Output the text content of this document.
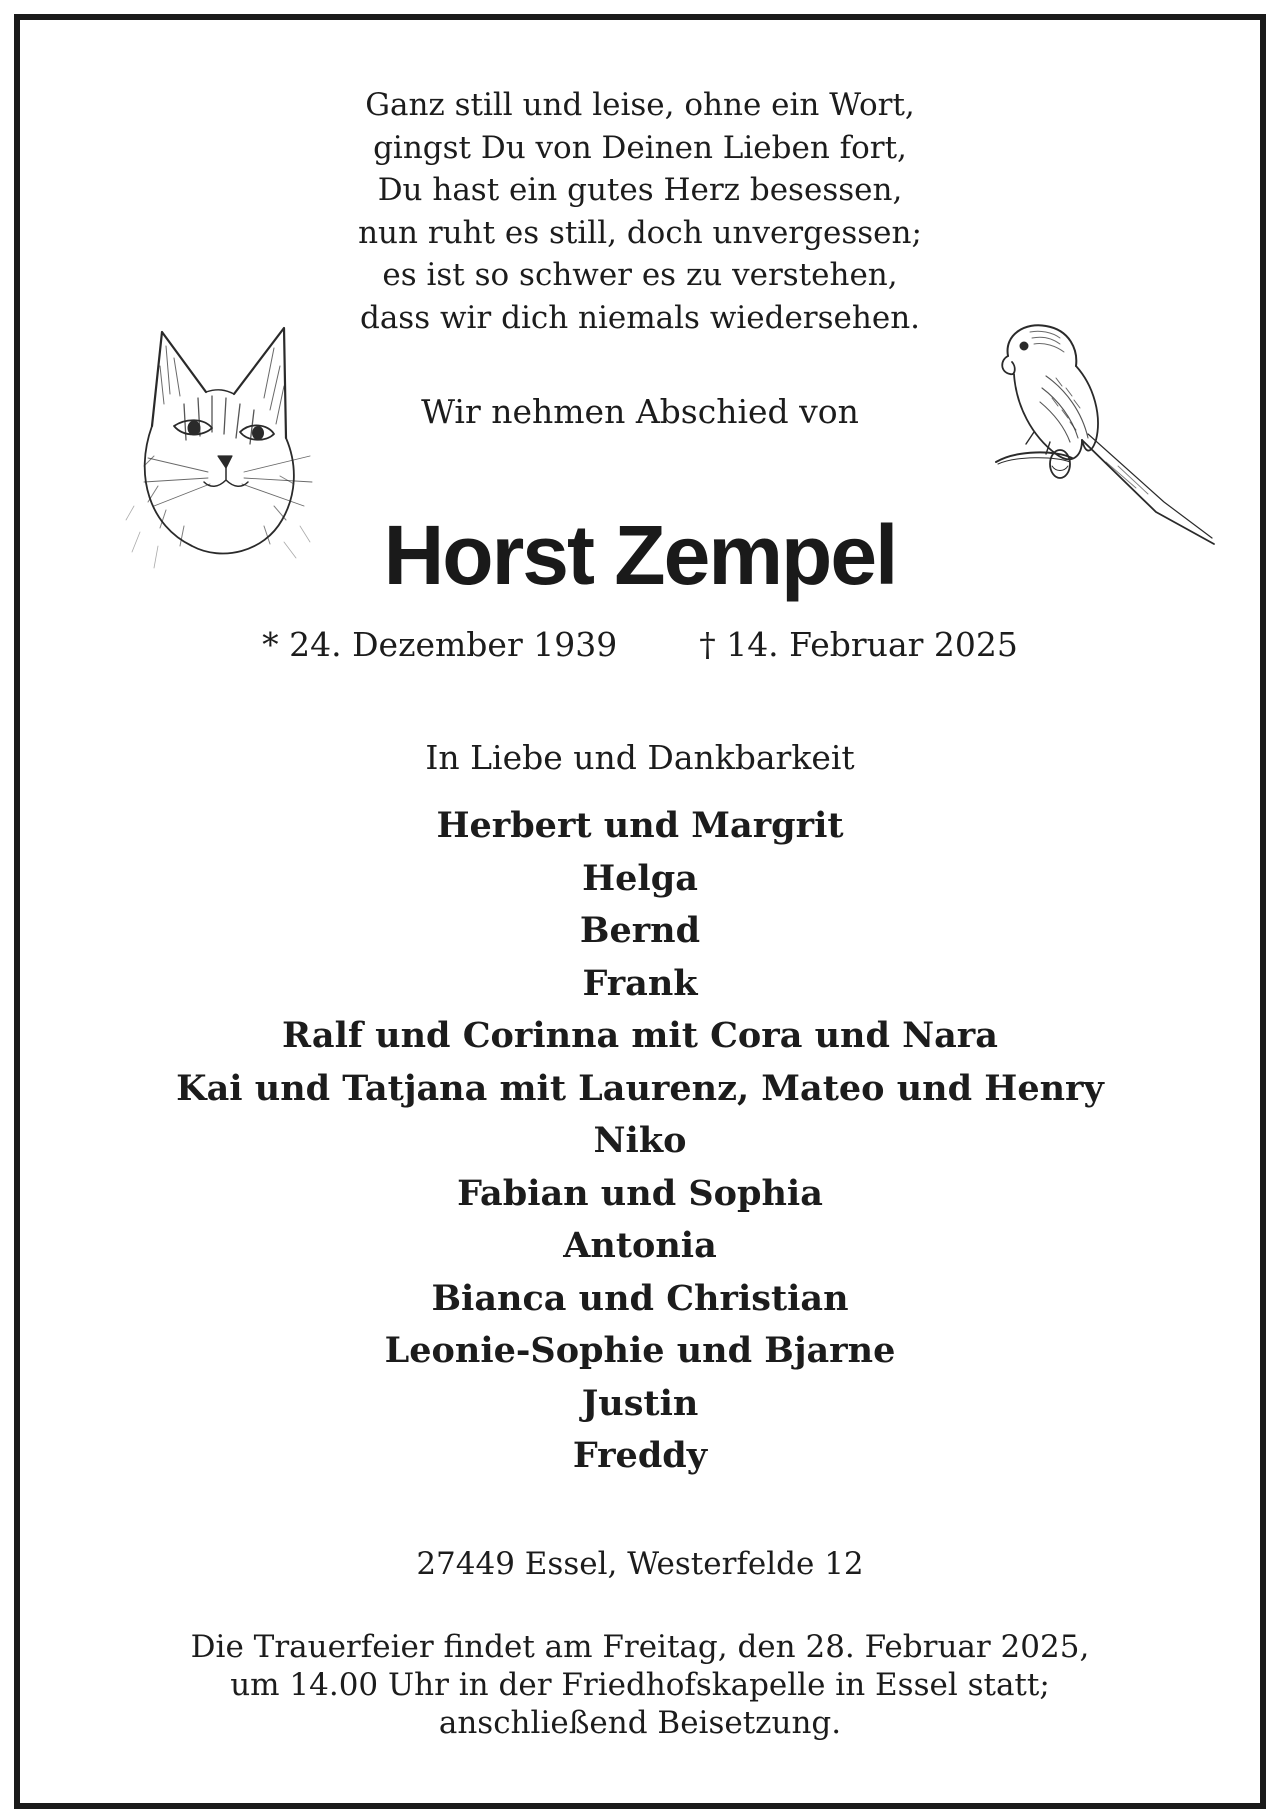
Ganz still und leise, ohne ein Wort,
gingst Du von Deinen Lieben fort,
Du hast ein gutes Herz besessen,
nun ruht es still, doch unvergessen;
es ist so schwer es zu verstehen,
dass wir dich niemals wiedersehen.
Wir nehmen Abschied von
Horst Zempel
* 24. Dezember 1939 † 14. Februar 2025
In Liebe und Dankbarkeit
Herbert und Margrit
Helga
Bernd
Frank
Ralf und Corinna mit Cora und Nara
Kai und Tatjana mit Laurenz, Mateo und Henry
Niko
Fabian und Sophia
Antonia
Bianca und Christian
Leonie-Sophie und Bjarne
Justin
Freddy
27449 Essel, Westerfelde 12
Die Trauerfeier findet am Freitag, den 28. Februar 2025,
um 14.00 Uhr in der Friedhofskapelle in Essel statt;
anschließend Beisetzung.
